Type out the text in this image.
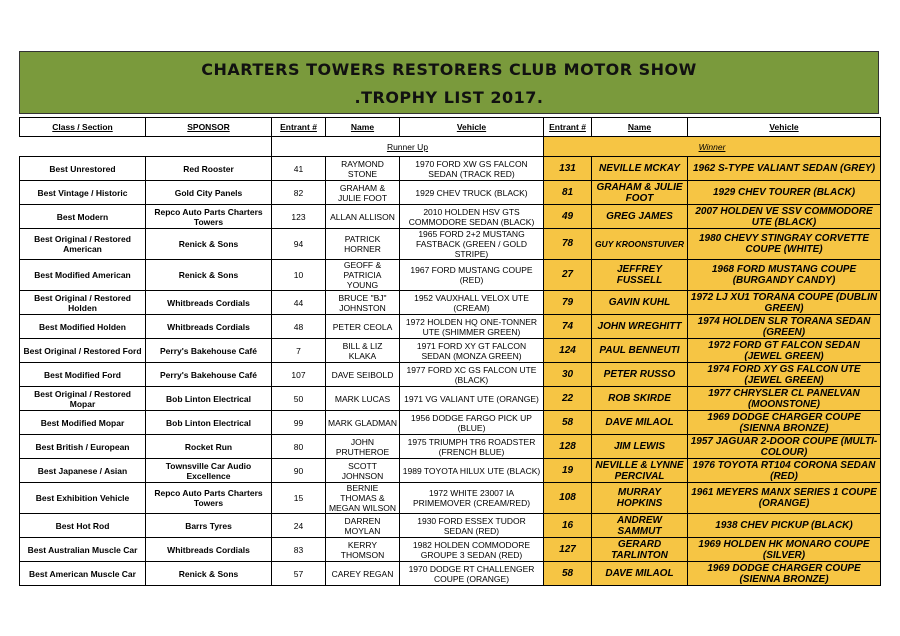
CHARTERS TOWERS RESTORERS CLUB MOTOR SHOW
.TROPHY LIST 2017.
Class / Section	SPONSOR	Entrant #	Name	Vehicle	Entrant #	Name	Vehicle
		Runner Up			Winner		
Best Unrestored	Red Rooster	41	RAYMOND STONE	1970 FORD XW GS FALCON SEDAN (TRACK RED)	131	NEVILLE MCKAY	1962 S-TYPE VALIANT SEDAN (GREY)
Best Vintage / Historic	Gold City Panels	82	GRAHAM & JULIE FOOT	1929 CHEV TRUCK (BLACK)	81	GRAHAM & JULIE FOOT	1929 CHEV TOURER (BLACK)
Best Modern	Repco Auto Parts Charters Towers	123	ALLAN ALLISON	2010 HOLDEN HSV GTS COMMODORE SEDAN (BLACK)	49	GREG JAMES	2007 HOLDEN VE SSV COMMODORE UTE (BLACK)
Best Original / Restored American	Renick & Sons	94	PATRICK HORNER	1965 FORD 2+2 MUSTANG FASTBACK (GREEN / GOLD STRIPE)	78	GUY KROONSTUIVER	1980 CHEVY STINGRAY CORVETTE COUPE (WHITE)
Best Modified American	Renick & Sons	10	GEOFF & PATRICIA YOUNG	1967 FORD MUSTANG COUPE (RED)	27	JEFFREY FUSSELL	1968 FORD MUSTANG COUPE (BURGANDY CANDY)
Best Original / Restored Holden	Whitbreads Cordials	44	BRUCE "BJ" JOHNSTON	1952 VAUXHALL VELOX UTE (CREAM)	79	GAVIN KUHL	1972 LJ XU1 TORANA COUPE (DUBLIN GREEN)
Best Modified Holden	Whitbreads Cordials	48	PETER CEOLA	1972 HOLDEN HQ ONE-TONNER UTE (SHIMMER GREEN)	74	JOHN WREGHITT	1974 HOLDEN SLR TORANA SEDAN (GREEN)
Best Original / Restored Ford	Perry's Bakehouse Café	7	BILL & LIZ KLAKA	1971 FORD XY GT FALCON SEDAN (MONZA GREEN)	124	PAUL BENNEUTI	1972 FORD GT FALCON SEDAN (JEWEL GREEN)
Best Modified Ford	Perry's Bakehouse Café	107	DAVE SEIBOLD	1977 FORD XC GS FALCON UTE (BLACK)	30	PETER RUSSO	1974 FORD XY GS FALCON UTE (JEWEL GREEN)
Best Original / Restored Mopar	Bob Linton Electrical	50	MARK LUCAS	1971 VG VALIANT UTE (ORANGE)	22	ROB SKIRDE	1977 CHRYSLER CL PANELVAN (MOONSTONE)
Best Modified Mopar	Bob Linton Electrical	99	MARK GLADMAN	1956 DODGE FARGO PICK UP (BLUE)	58	DAVE MILAOL	1969 DODGE CHARGER COUPE (SIENNA BRONZE)
Best British / European	Rocket Run	80	JOHN PRUTHEROE	1975 TRIUMPH TR6 ROADSTER (FRENCH BLUE)	128	JIM LEWIS	1957 JAGUAR 2-DOOR COUPE (MULTI-COLOUR)
Best Japanese / Asian	Townsville Car Audio Excellence	90	SCOTT JOHNSON	1989 TOYOTA HILUX UTE (BLACK)	19	NEVILLE & LYNNE PERCIVAL	1976 TOYOTA RT104 CORONA SEDAN (RED)
Best Exhibition Vehicle	Repco Auto Parts Charters Towers	15	BERNIE THOMAS & MEGAN WILSON	1972 WHITE 23007 IA PRIMEMOVER (CREAM/RED)	108	MURRAY HOPKINS	1961 MEYERS MANX SERIES 1 COUPE (ORANGE)
Best Hot Rod	Barrs Tyres	24	DARREN MOYLAN	1930 FORD ESSEX TUDOR SEDAN (RED)	16	ANDREW SAMMUT	1938 CHEV PICKUP (BLACK)
Best Australian Muscle Car	Whitbreads Cordials	83	KERRY THOMSON	1982 HOLDEN COMMODORE GROUPE 3 SEDAN (RED)	127	GERARD TARLINTON	1969 HOLDEN HK MONARO COUPE (SILVER)
Best American Muscle Car	Renick & Sons	57	CAREY REGAN	1970 DODGE RT CHALLENGER COUPE (ORANGE)	58	DAVE MILAOL	1969 DODGE CHARGER COUPE (SIENNA BRONZE)
